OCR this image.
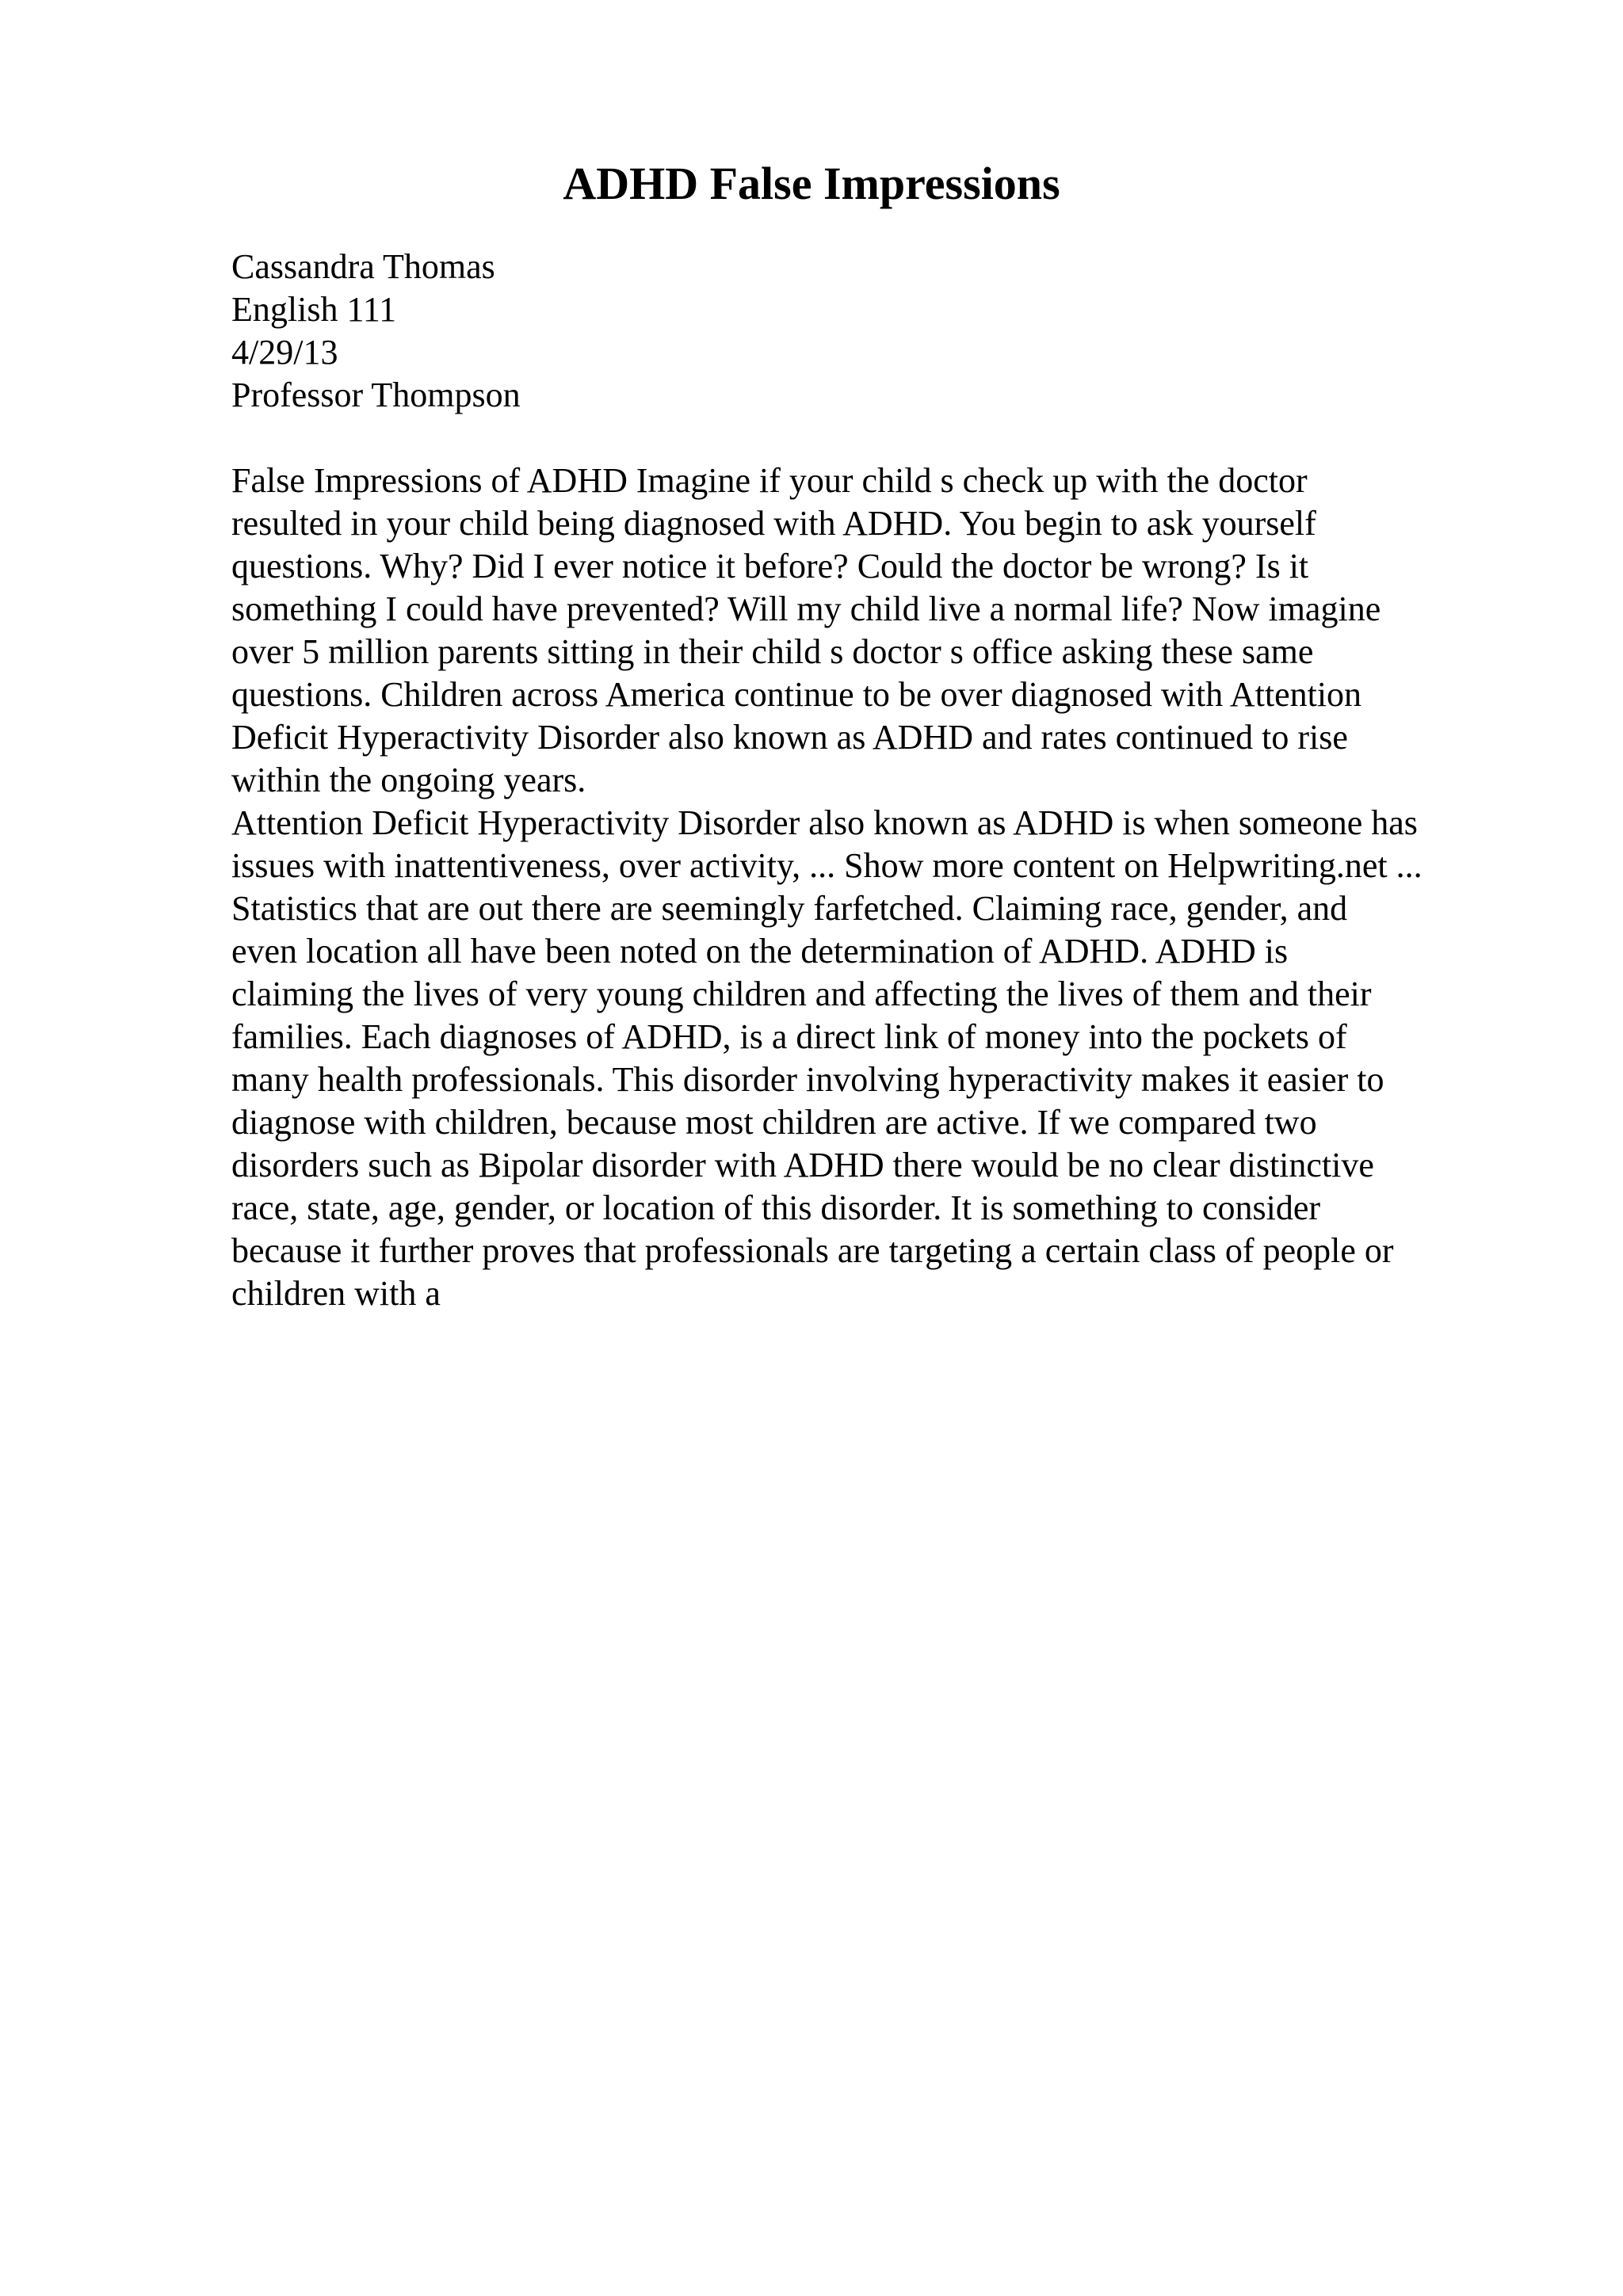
ADHD False Impressions
Cassandra Thomas
English 111
4/29/13
Professor Thompson
False Impressions of ADHD Imagine if your child s check up with the doctor
resulted in your child being diagnosed with ADHD. You begin to ask yourself
questions. Why? Did I ever notice it before? Could the doctor be wrong? Is it
something I could have prevented? Will my child live a normal life? Now imagine
over 5 million parents sitting in their child s doctor s office asking these same
questions. Children across America continue to be over diagnosed with Attention
Deficit Hyperactivity Disorder also known as ADHD and rates continued to rise
within the ongoing years.
Attention Deficit Hyperactivity Disorder also known as ADHD is when someone has
issues with inattentiveness, over activity, ... Show more content on Helpwriting.net ...
Statistics that are out there are seemingly farfetched. Claiming race, gender, and
even location all have been noted on the determination of ADHD. ADHD is
claiming the lives of very young children and affecting the lives of them and their
families. Each diagnoses of ADHD, is a direct link of money into the pockets of
many health professionals. This disorder involving hyperactivity makes it easier to
diagnose with children, because most children are active. If we compared two
disorders such as Bipolar disorder with ADHD there would be no clear distinctive
race, state, age, gender, or location of this disorder. It is something to consider
because it further proves that professionals are targeting a certain class of people or
children with a
